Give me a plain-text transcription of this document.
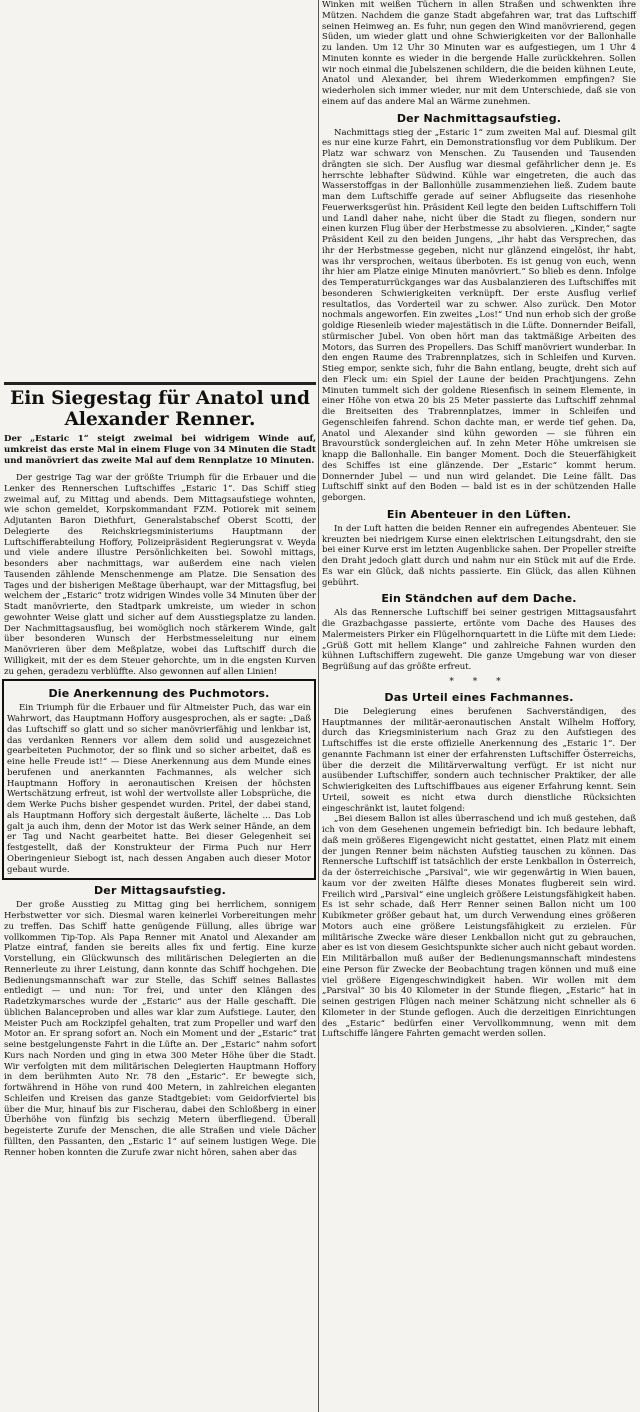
Ein Siegestag für Anatol und Alexander Renner.

Der „Estaric 1“ steigt zweimal bei widrigem Winde auf, umkreist das erste Mal in einem Fluge von 34 Minuten die Stadt und manövriert das zweite Mal auf dem Rennplatze 10 Minuten.

Der gestrige Tag war der größte Triumph für die Erbauer und die Lenker des Rennerschen Luftschiffes „Estaric 1“. Das Schiff stieg zweimal auf, zu Mittag und abends. Dem Mittagsaufstiege wohnten, wie schon gemeldet, Korpskommandant FZM. Potiorek mit seinem Adjutanten Baron Diethfurt, Generalstabschef Oberst Scotti, der Delegierte des Reichskriegsministeriums Hauptmann der Luftschifferabteilung Hoffory, Polizeipräsident Regierungsrat v. Weyda und viele andere illustre Persönlichkeiten bei. Sowohl mittags, besonders aber nachmittags, war außerdem eine nach vielen Tausenden zählende Menschenmenge am Platze. Die Sensation des Tages und der bisherigen Meßtage überhaupt, war der Mittagsflug, bei welchem der „Estaric“ trotz widrigen Windes volle 34 Minuten über der Stadt manövrierte, den Stadtpark umkreiste, um wieder in schon gewohnter Weise glatt und sicher auf dem Ausstiegsplatze zu landen. Der Nachmittagsausflug, bei womöglich noch stärkerem Winde, galt über besonderen Wunsch der Herbstmesseleitung nur einem Manövrieren über dem Meßplatze, wobei das Luftschiff durch die Willigkeit, mit der es dem Steuer gehorchte, um in die engsten Kurven zu gehen, geradezu verblüffte. Also gewonnen auf allen Linien!

Die Anerkennung des Puchmotors.

Ein Triumph für die Erbauer und für Altmeister Puch, das war ein Wahrwort, das Hauptmann Hoffory ausgesprochen, als er sagte: „Daß das Luftschiff so glatt und so sicher manövrierfähig und lenkbar ist, das verdanken Renners vor allem dem solid und ausgezeichnet gearbeiteten Puchmotor, der so flink und so sicher arbeitet, daß es eine helle Freude ist!“ — Diese Anerkennung aus dem Munde eines berufenen und anerkannten Fachmannes, als welcher sich Hauptmann Hoffory in aeronautischen Kreisen der höchsten Wertschätzung erfreut, ist wohl der wertvollste aller Lobsprüche, die dem Werke Puchs bisher gespendet wurden. Pritel, der dabei stand, als Hauptmann Hoffory sich dergestalt äußerte, lächelte ... Das Lob galt ja auch ihm, denn der Motor ist das Werk seiner Hände, an dem er Tag und Nacht gearbeitet hatte. Bei dieser Gelegenheit sei festgestellt, daß der Konstrukteur der Firma Puch nur Herr Oberingenieur Siebogt ist, nach dessen Angaben auch dieser Motor gebaut wurde.

Der Mittagsaufstieg.

Der große Ausstieg zu Mittag ging bei herrlichem, sonnigem Herbstwetter vor sich. Diesmal waren keinerlei Vorbereitungen mehr zu treffen. Das Schiff hatte genügende Füllung, alles übrige war vollkommen Tip-Top. Als Papa Renner mit Anatol und Alexander am Platze eintraf, fanden sie bereits alles fix und fertig. Eine kurze Vorstellung, ein Glückwunsch des militärischen Delegierten an die Rennerleute zu ihrer Leistung, dann konnte das Schiff hochgehen. Die Bedienungsmannschaft war zur Stelle, das Schiff seines Ballastes entledigt — und nun: Tor frei, und unter den Klängen des Radetzkymarsches wurde der „Estaric“ aus der Halle geschafft. Die üblichen Balanceproben und alles war klar zum Aufstiege. Lauter, den Meister Puch am Rockzipfel gehalten, trat zum Propeller und warf den Motor an. Er sprang sofort an. Noch ein Moment und der „Estaric“ trat seine bestgelungenste Fahrt in die Lüfte an. Der „Estaric“ nahm sofort Kurs nach Norden und ging in etwa 300 Meter Höhe über die Stadt. Wir verfolgten mit dem militärischen Delegierten Hauptmann Hoffory in dem berühmten Auto Nr. 78 den „Estaric“. Er bewegte sich, fortwährend in Höhe von rund 400 Metern, in zahlreichen eleganten Schleifen und Kreisen das ganze Stadtgebiet: vom Geidorfviertel bis über die Mur, hinauf bis zur Fischerau, dabei den Schloßberg in einer Überhöhe von fünfzig bis sechzig Metern überfliegend. Überall begeisterte Zurufe der Menschen, die alle Straßen und viele Dächer füllten, den Passanten, den „Estaric 1“ auf seinem lustigen Wege. Die Renner hoben konnten die Zurufe zwar nicht hören, sahen aber das

Winken mit weißen Tüchern in allen Straßen und schwenkten ihre Mützen. Nachdem die ganze Stadt abgefahren war, trat das Luftschiff seinen Heimweg an. Es fuhr, nun gegen den Wind manövrierend, gegen Süden, um wieder glatt und ohne Schwierigkeiten vor der Ballonhalle zu landen. Um 12 Uhr 30 Minuten war es aufgestiegen, um 1 Uhr 4 Minuten konnte es wieder in die bergende Halle zurückkehren. Sollen wir noch einmal die Jubelszenen schildern, die die beiden kühnen Leute, Anatol und Alexander, bei ihrem Wiederkommen empfingen? Sie wiederholen sich immer wieder, nur mit dem Unterschiede, daß sie von einem auf das andere Mal an Wärme zunehmen.

Der Nachmittagsaufstieg.

Nachmittags stieg der „Estaric 1“ zum zweiten Mal auf. Diesmal gilt es nur eine kurze Fahrt, ein Demonstrationsflug vor dem Publikum. Der Platz war schwarz von Menschen. Zu Tausenden und Tausenden drängten sie sich. Der Ausflug war diesmal gefährlicher denn je. Es herrschte lebhafter Südwind. Kühle war eingetreten, die auch das Wasserstoffgas in der Ballonhülle zusammenziehen ließ. Zudem baute man dem Luftschiffe gerade auf seiner Abflugseite das riesenhohe Feuerwerksgerüst hin. Präsident Keil legte den beiden Luftschiffern Toli und Landl daher nahe, nicht über die Stadt zu fliegen, sondern nur einen kurzen Flug über der Herbstmesse zu absolvieren. „Kinder,“ sagte Präsident Keil zu den beiden Jungens, „ihr habt das Versprechen, das ihr der Herbstmesse gegeben, nicht nur glänzend eingelöst, ihr habt, was ihr versprochen, weitaus überboten. Es ist genug von euch, wenn ihr hier am Platze einige Minuten manövriert.“ So blieb es denn. Infolge des Temperaturrückganges war das Ausbalanzieren des Luftschiffes mit besonderen Schwierigkeiten verknüpft. Der erste Ausflug verlief resultatlos, das Vorderteil war zu schwer. Also zurück. Den Motor nochmals angeworfen. Ein zweites „Los!“ Und nun erhob sich der große goldige Riesenleib wieder majestätisch in die Lüfte. Donnernder Beifall, stürmischer Jubel. Von oben hört man das taktmäßige Arbeiten des Motors, das Surren des Propellers. Das Schiff manövriert wunderbar. In den engen Raume des Trabrennplatzes, sich in Schleifen und Kurven. Stieg empor, senkte sich, fuhr die Bahn entlang, beugte, dreht sich auf den Fleck um: ein Spiel der Laune der beiden Prachtjungens. Zehn Minuten tummelt sich der goldene Riesenfisch in seinem Elemente, in einer Höhe von etwa 20 bis 25 Meter passierte das Luftschiff zehnmal die Breitseiten des Trabrennplatzes, immer in Schleifen und Gegenschleifen fahrend. Schon dachte man, er werde tief gehen. Da, Anatol und Alexander sind kühn geworden — sie führen ein Bravourstück sondergleichen auf. In zehn Meter Höhe umkreisen sie knapp die Ballonhalle. Ein banger Moment. Doch die Steuerfähigkeit des Schiffes ist eine glänzende. Der „Estaric“ kommt herum. Donnernder Jubel — und nun wird gelandet. Die Leine fällt. Das Luftschiff sinkt auf den Boden — bald ist es in der schützenden Halle geborgen.

Ein Abenteuer in den Lüften.

In der Luft hatten die beiden Renner ein aufregendes Abenteuer. Sie kreuzten bei niedrigem Kurse einen elektrischen Leitungsdraht, den sie bei einer Kurve erst im letzten Augenblicke sahen. Der Propeller streifte den Draht jedoch glatt durch und nahm nur ein Stück mit auf die Erde. Es war ein Glück, daß nichts passierte. Ein Glück, das allen Kühnen gebührt.

Ein Ständchen auf dem Dache.

Als das Rennersche Luftschiff bei seiner gestrigen Mittagsausfahrt die Grazbachgasse passierte, ertönte vom Dache des Hauses des Malermeisters Pirker ein Flügelhornquartett in die Lüfte mit dem Liede: „Grüß Gott mit hellem Klange“ und zahlreiche Fahnen wurden den kühnen Luftschiffern zugeweht. Die ganze Umgebung war von dieser Begrüßung auf das größte erfreut.

* * *
Das Urteil eines Fachmannes.

Die Delegierung eines berufenen Sachverständigen, des Hauptmannes der militär-aeronautischen Anstalt Wilhelm Hoffory, durch das Kriegsministerium nach Graz zu den Aufstiegen des Luftschiffes ist die erste offizielle Anerkennung des „Estaric 1“. Der genannte Fachmann ist einer der erfahrensten Luftschiffer Österreichs, über die derzeit die Militärverwaltung verfügt. Er ist nicht nur ausübender Luftschiffer, sondern auch technischer Praktiker, der alle Schwierigkeiten des Luftschiffbaues aus eigener Erfahrung kennt. Sein Urteil, soweit es nicht etwa durch dienstliche Rücksichten eingeschränkt ist, lautet folgend:

„Bei diesem Ballon ist alles überraschend und ich muß gestehen, daß ich von dem Gesehenen ungemein befriedigt bin. Ich bedaure lebhaft, daß mein größeres Eigengewicht nicht gestattet, einen Platz mit einem der jungen Renner beim nächsten Aufstieg tauschen zu können. Das Rennersche Luftschiff ist tatsächlich der erste Lenkballon in Österreich, da der österreichische „Parsival“, wie wir gegenwärtig in Wien bauen, kaum vor der zweiten Hälfte dieses Monates flugbereit sein wird. Freilich wird „Parsival“ eine ungleich größere Leistungsfähigkeit haben. Es ist sehr schade, daß Herr Renner seinen Ballon nicht um 100 Kubikmeter größer gebaut hat, um durch Verwendung eines größeren Motors auch eine größere Leistungsfähigkeit zu erzielen. Für militärische Zwecke wäre dieser Lenkballon nicht gut zu gebrauchen, aber es ist von diesem Gesichtspunkte sicher auch nicht gebaut worden. Ein Militärballon muß außer der Bedienungsmannschaft mindestens eine Person für Zwecke der Beobachtung tragen können und muß eine viel größere Eigengeschwindigkeit haben. Wir wollen mit dem „Parsival“ 30 bis 40 Kilometer in der Stunde fliegen, „Estaric“ hat in seinen gestrigen Flügen nach meiner Schätzung nicht schneller als 6 Kilometer in der Stunde geflogen. Auch die derzeitigen Einrichtungen des „Estaric“ bedürfen einer Vervollkommnung, wenn mit dem Luftschiffe längere Fahrten gemacht werden sollen.
